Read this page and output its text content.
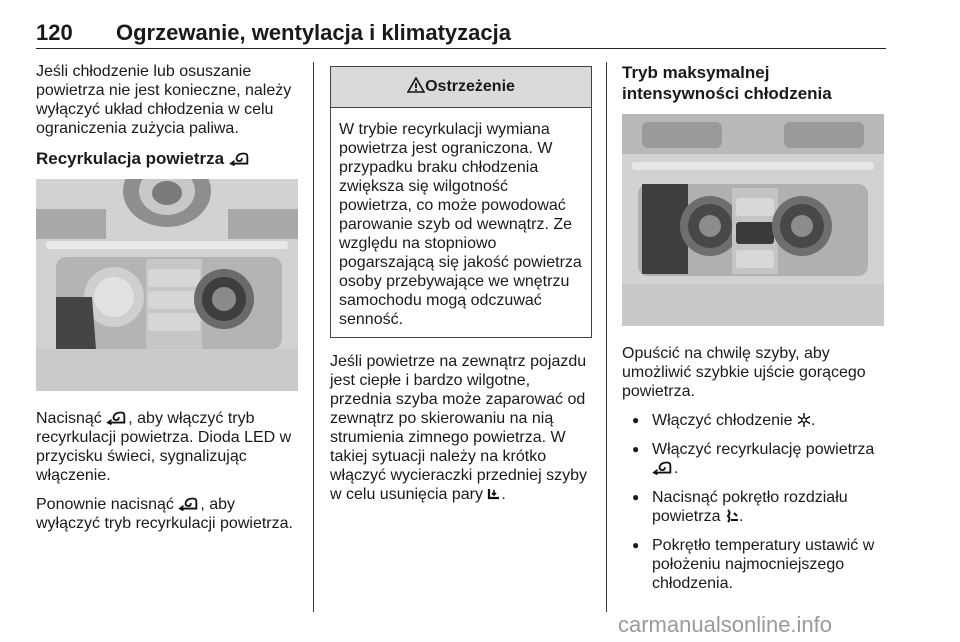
120 Ogrzewanie, wentylacja i klimatyzacja

Jeśli chłodzenie lub osuszanie powietrza nie jest konieczne, należy wyłączyć układ chłodzenia w celu ograniczenia zużycia paliwa.

Recyrkulacja powietrza

Nacisnąć , aby włączyć tryb recyrkulacji powietrza. Dioda LED w przycisku świeci, sygnalizując włączenie.

Ponownie nacisnąć , aby wyłączyć tryb recyrkulacji powietrza.

Ostrzeżenie
W trybie recyrkulacji wymiana powietrza jest ograniczona. W przypadku braku chłodzenia zwiększa się wilgotność powietrza, co może powodować parowanie szyb od wewnątrz. Ze względu na stopniowo pogarszającą się jakość powietrza osoby przebywające we wnętrzu samochodu mogą odczuwać senność.

Jeśli powietrze na zewnątrz pojazdu jest ciepłe i bardzo wilgotne, przednia szyba może zaparować od zewnątrz po skierowaniu na nią strumienia zimnego powietrza. W takiej sytuacji należy na krótko włączyć wycieraczki przedniej szyby w celu usunięcia pary .

Tryb maksymalnej intensywności chłodzenia

Opuścić na chwilę szyby, aby umożliwić szybkie ujście gorącego powietrza.

● Włączyć chłodzenie .
● Włączyć recyrkulację powietrza .
● Nacisnąć pokrętło rozdziału powietrza .
● Pokrętło temperatury ustawić w położeniu najmocniejszego chłodzenia.
carmanualsonline.info
